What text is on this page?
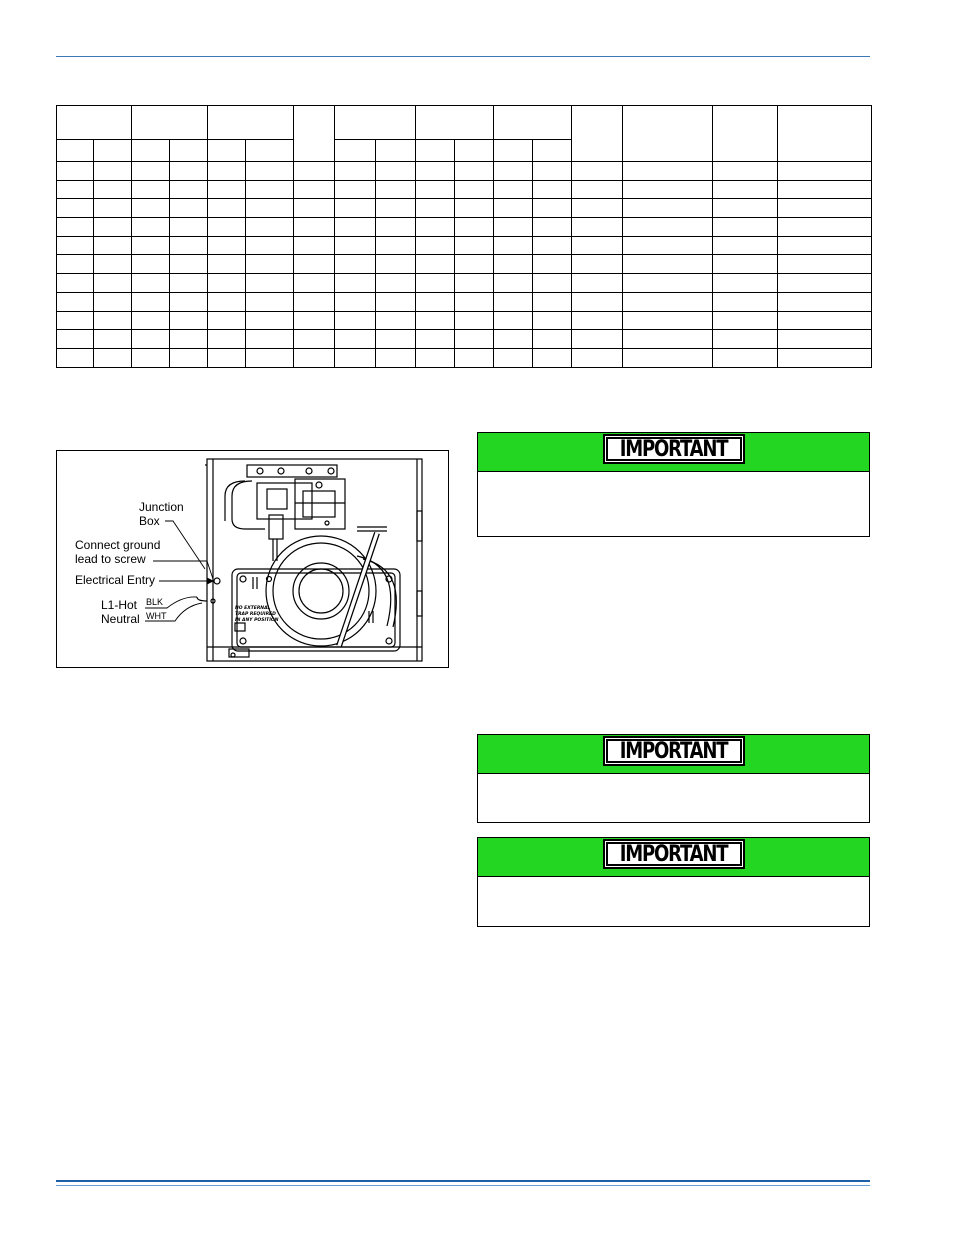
NO EXTERNAL
TRAP REQUIRED
IN ANY POSITION
Junction
Box
Connect ground
lead to screw
Electrical Entry
L1-Hot
Neutral
BLK
WHT
IMPORTANT
IMPORTANT
IMPORTANT
